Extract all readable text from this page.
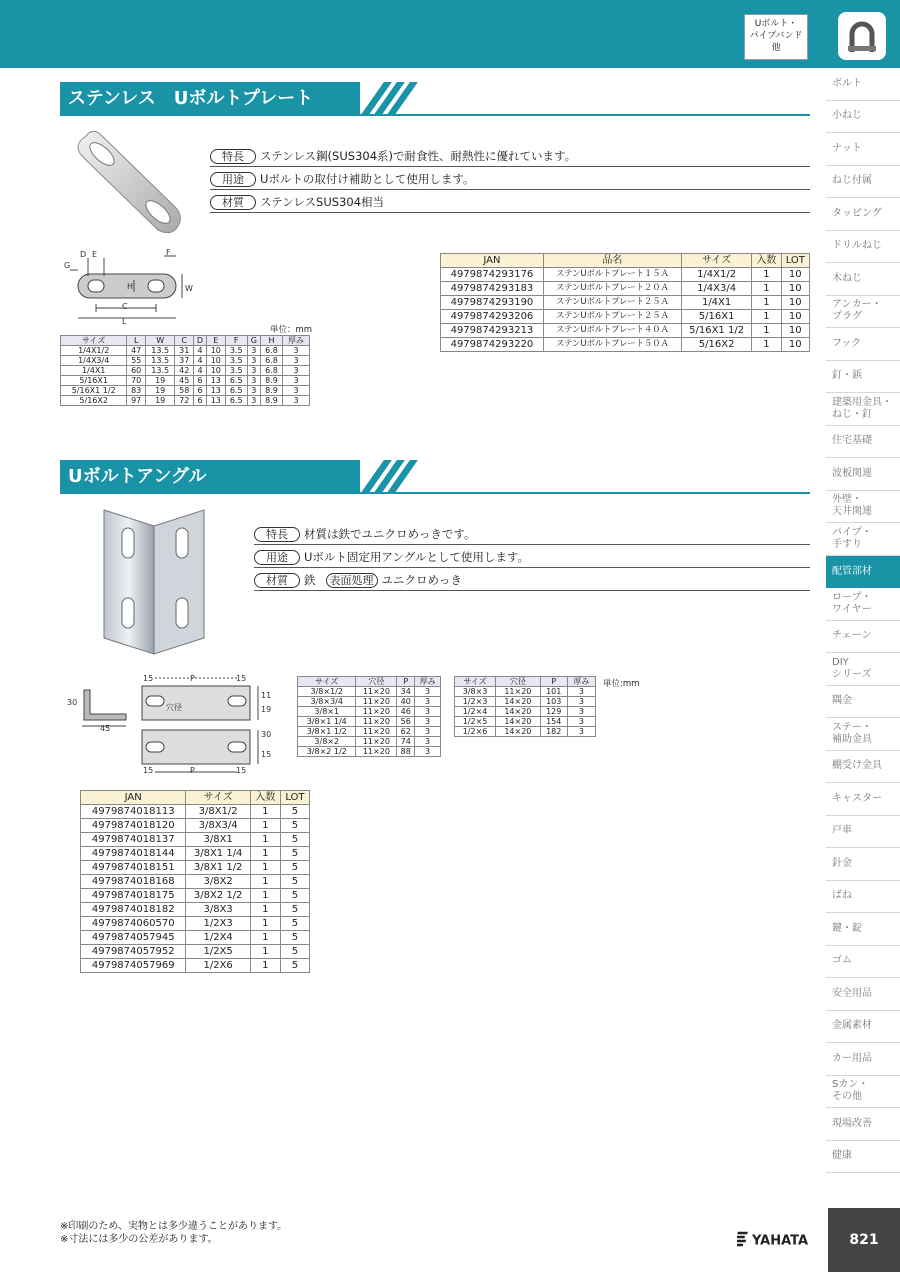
Uボルト・
パイプバンド
他
ボルト
小ねじ
ナット
ねじ付属
タッピング
ドリルねじ
木ねじ
アンカー・
プラグ
フック
釘・鋲
建築用金具・
ねじ・釘
住宅基礎
波板関連
外壁・
天井関連
パイプ・
手すり
配管部材
ロープ・
ワイヤー
チェーン
DIY
シリーズ
隅金
ステー・
補助金具
棚受け金具
キャスター
戸車
針金
ばね
鍵・錠
ゴム
安全用品
金属素材
カー用品
Sカン・
その他
現場改善
健康
ステンレス　Uボルトプレート
特長 ステンレス鋼(SUS304系)で耐食性、耐熱性に優れています。
用途 Uボルトの取付け補助として使用します。
材質 ステンレスSUS304相当
D E	F
G
H	W
C
L
単位：mm
サイズ	L	W	C	D	E	F	G	H	厚み
1/4X1/2	47	13.5	31	4	10	3.5	3	6.8	3
1/4X3/4	55	13.5	37	4	10	3.5	3	6.8	3
1/4X1	60	13.5	42	4	10	3.5	3	6.8	3
5/16X1	70	19	45	6	13	6.5	3	8.9	3
5/16X1 1/2	83	19	58	6	13	6.5	3	8.9	3
5/16X2	97	19	72	6	13	6.5	3	8.9	3
JAN	品名	サイズ	入数	LOT
4979874293176	ステンUボルトプレート１５Ａ	1/4X1/2	1	10
4979874293183	ステンUボルトプレート２０Ａ	1/4X3/4	1	10
4979874293190	ステンUボルトプレート２５Ａ	1/4X1	1	10
4979874293206	ステンUボルトプレート２５Ａ	5/16X1	1	10
4979874293213	ステンUボルトプレート４０Ａ	5/16X1 1/2	1	10
4979874293220	ステンUボルトプレート５０Ａ	5/16X2	1	10
Uボルトアングル
特長 材質は鉄でユニクロめっきです。
用途 Uボルト固定用アングルとして使用します。
材質 鉄 表面処理 ユニクロめっき
30
45
15	P	15
穴径
11
19
30
15
15	P	15
サイズ	穴径	P	厚み
3/8×1/2	11×20	34	3
3/8×3/4	11×20	40	3
3/8×1	11×20	46	3
3/8×1 1/4	11×20	56	3
3/8×1 1/2	11×20	62	3
3/8×2	11×20	74	3
3/8×2 1/2	11×20	88	3
サイズ	穴径	P	厚み
3/8×3	11×20	101	3
1/2×3	14×20	103	3
1/2×4	14×20	129	3
1/2×5	14×20	154	3
1/2×6	14×20	182	3
単位:mm
JAN	サイズ	入数	LOT
4979874018113	3/8X1/2	1	5
4979874018120	3/8X3/4	1	5
4979874018137	3/8X1	1	5
4979874018144	3/8X1 1/4	1	5
4979874018151	3/8X1 1/2	1	5
4979874018168	3/8X2	1	5
4979874018175	3/8X2 1/2	1	5
4979874018182	3/8X3	1	5
4979874060570	1/2X3	1	5
4979874057945	1/2X4	1	5
4979874057952	1/2X5	1	5
4979874057969	1/2X6	1	5
※印刷のため、実物とは多少違うことがあります。
※寸法には多少の公差があります。	YAHATA	821
